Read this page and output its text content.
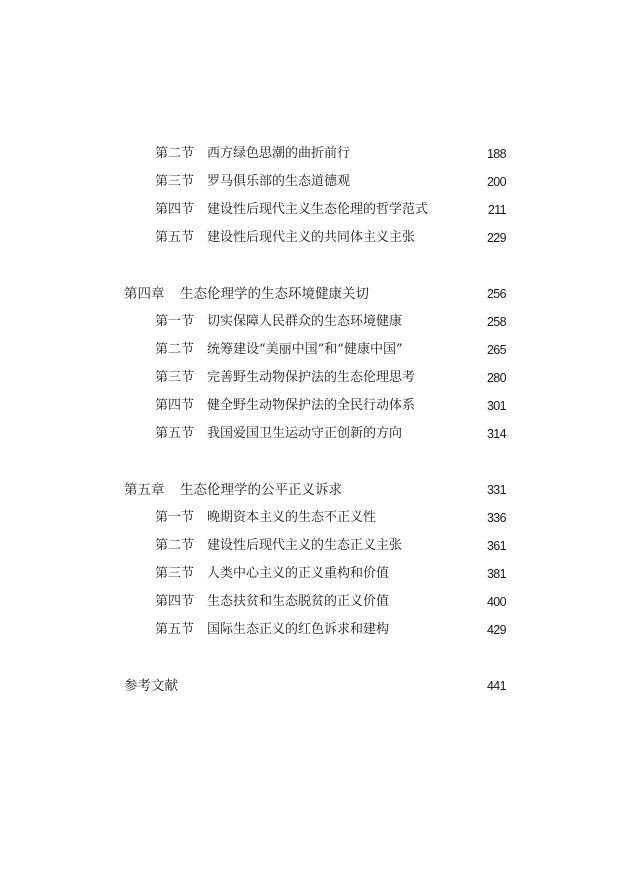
第二节 西方绿色思潮的曲折前行	188
第三节 罗马俱乐部的生态道德观	200
第四节 建设性后现代主义生态伦理的哲学范式	211
第五节 建设性后现代主义的共同体主义主张	229
第四章 生态伦理学的生态环境健康关切	256
第一节 切实保障人民群众的生态环境健康	258
第二节 统筹建设“美丽中国”和“健康中国”	265
第三节 完善野生动物保护法的生态伦理思考	280
第四节 健全野生动物保护法的全民行动体系	301
第五节 我国爱国卫生运动守正创新的方向	314
第五章 生态伦理学的公平正义诉求	331
第一节 晚期资本主义的生态不正义性	336
第二节 建设性后现代主义的生态正义主张	361
第三节 人类中心主义的正义重构和价值	381
第四节 生态扶贫和生态脱贫的正义价值	400
第五节 国际生态正义的红色诉求和建构	429
参考文献	441
